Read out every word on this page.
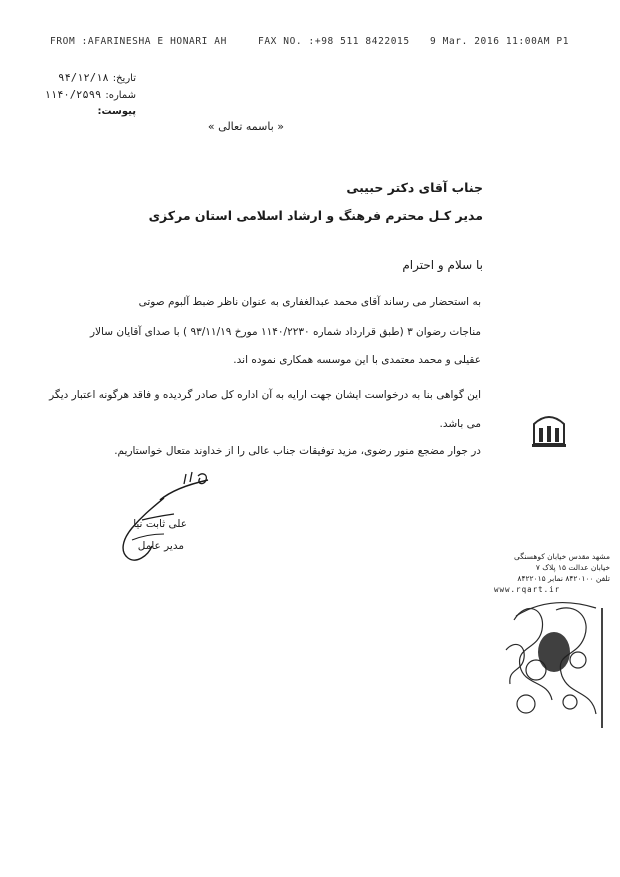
FROM :AFARINESHA E HONARI AH	FAX NO. :+98 511 8422015 9 Mar. 2016 11:00AM P1
تاریخ:۹۴/۱۲/۱۸
شماره:۱۱۴۰/۲۵۹۹
پیوست:
« باسمه تعالی »
جناب آقای دکتر حبیبی
مدیر کـل محترم فرهنگ و ارشاد اسلامی استان مرکزی
با سلام و احترام
به استحضار می رساند آقای محمد عبدالغفاری به عنوان ناظر ضبط آلبوم صوتی
مناجات رضوان ۳ (طبق قرارداد شماره ۱۱۴۰/۲۲۳۰ مورخ ۹۳/۱۱/۱۹ ) با صدای آقایان سالار
عقیلی و محمد معتمدی با این موسسه همکاری نموده اند.
این گواهی بنا به درخواست ایشان جهت ارایه به آن اداره کل صادر گردیده و فاقد هرگونه اعتبار دیگر
می باشد.
در جوار مضجع منور رضوی، مزید توفیقات جناب عالی را از خداوند متعال خواستاریم.
علی ثابت نیا
مدیر عامل
مشهد مقدس خیابان کوهسنگی
خیابان عدالت ۱۵ پلاک ۷
تلفن ۸۴۲۰۱۰۰ نمابر ۸۴۲۲۰۱۵
www.rqart.ir
